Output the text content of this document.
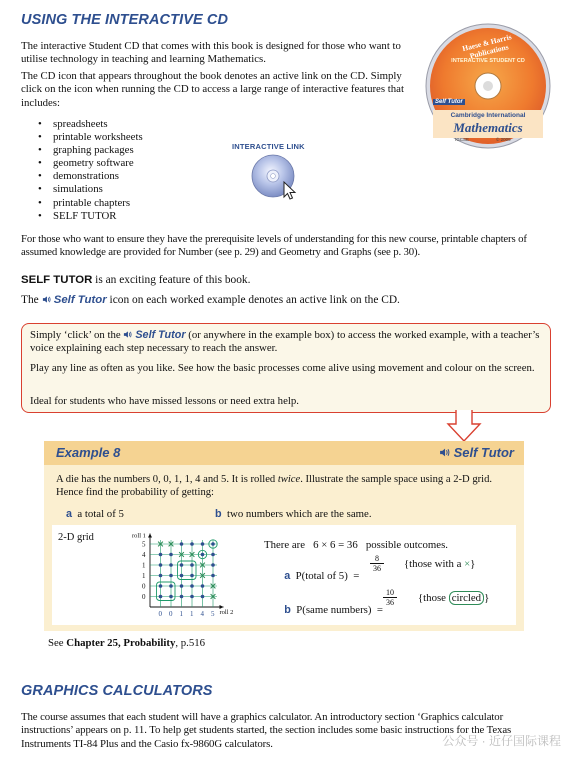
USING THE INTERACTIVE CD

The interactive Student CD that comes with this book is designed for those who want to utilise technology in teaching and learning Mathematics.

The CD icon that appears throughout the book denotes an active link on the CD. Simply click on the icon when running the CD to access a large range of interactive features that includes:

• spreadsheets
• printable worksheets
• graphing packages
• geometry software
• demonstrations
• simulations
• printable chapters
• SELF TUTOR
INTERACTIVE LINK
Haese & Harris Publications
INTERACTIVE STUDENT CD
Self Tutor
Cambridge International
Mathematics
IGCSE	© 2009

For those who want to ensure they have the prerequisite levels of understanding for this new course, printable chapters of assumed knowledge are provided for Number (see p. 29) and Geometry and Graphs (see p. 30).

SELF TUTOR is an exciting feature of this book.

The  Self Tutor icon on each worked example denotes an active link on the CD.

Simply ‘click’ on the  Self Tutor (or anywhere in the example box) to access the worked example, with a teacher’s voice explaining each step necessary to reach the answer.

Play any line as often as you like. See how the basic processes come alive using movement and colour on the screen.

Ideal for students who have missed lessons or need extra help.

Example 8	Self Tutor

A die has the numbers 0, 0, 1, 1, 4 and 5. It is rolled twice. Illustrate the sample space using a 2-D grid. Hence find the probability of getting:

a a total of 5	b two numbers which are the same.
2-D grid	roll 1
roll 2
0
0
0
0
1
1
1
1
4
4
5
5	There are   6 × 6 = 36   possible outcomes.

a P(total of 5)  =

$\frac{8}{36}$ {those with a ×}

b P(same numbers)  =

$\frac{10}{36}$ {those circled }

See Chapter 25, Probability, p.516

GRAPHICS CALCULATORS

The course assumes that each student will have a graphics calculator. An introductory section ‘Graphics calculator instructions’ appears on p. 11. To help get students started, the section includes some basic instructions for the Texas Instruments TI-84 Plus and the Casio fx-9860G calculators.	公众号 · 近仔国际课程
